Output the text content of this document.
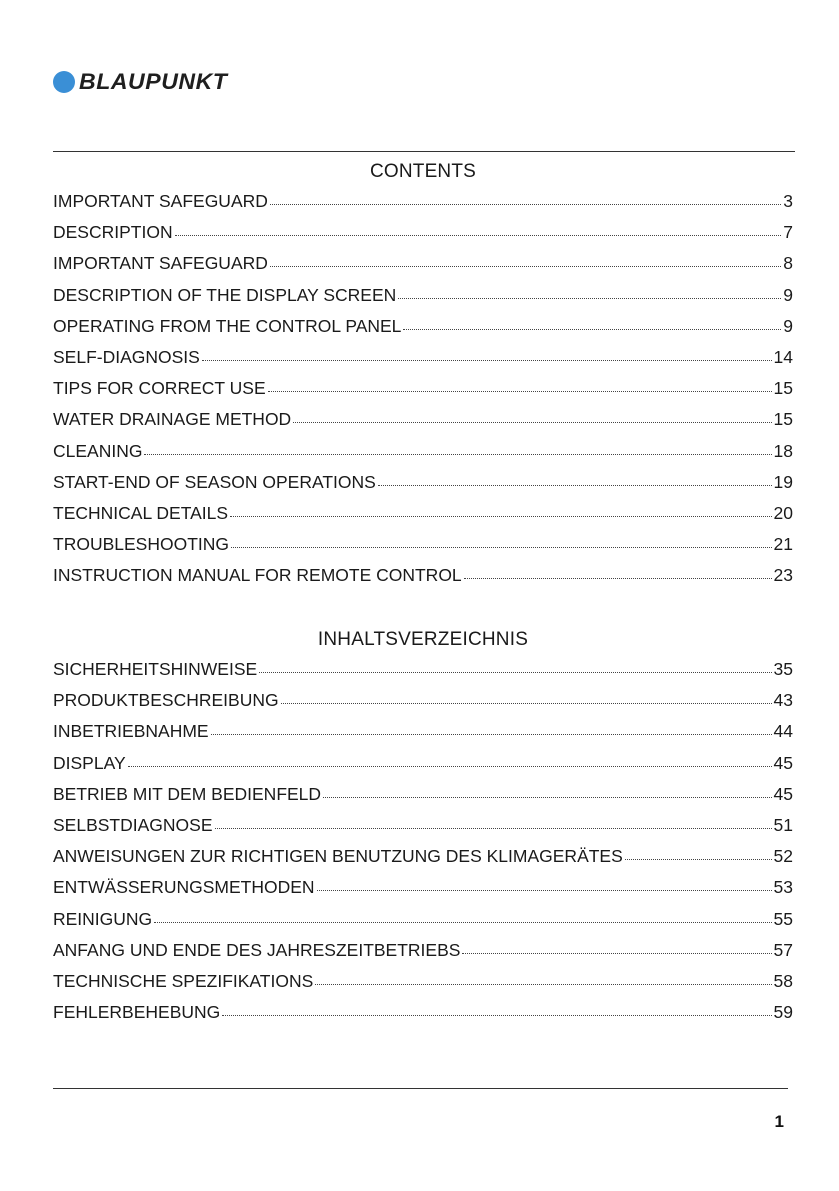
BLAUPUNKT
CONTENTS
IMPORTANT SAFEGUARD	3
DESCRIPTION	7
IMPORTANT SAFEGUARD	8
DESCRIPTION OF THE DISPLAY SCREEN	9
OPERATING FROM THE CONTROL PANEL	9
SELF-DIAGNOSIS	14
TIPS FOR CORRECT USE	15
WATER DRAINAGE METHOD	15
CLEANING	18
START-END OF SEASON OPERATIONS	19
TECHNICAL DETAILS	20
TROUBLESHOOTING	21
INSTRUCTION MANUAL FOR REMOTE CONTROL	23
INHALTSVERZEICHNIS
SICHERHEITSHINWEISE	35
PRODUKTBESCHREIBUNG	43
INBETRIEBNAHME	44
DISPLAY	45
BETRIEB MIT DEM BEDIENFELD	45
SELBSTDIAGNOSE	51
ANWEISUNGEN ZUR RICHTIGEN BENUTZUNG DES KLIMAGERÄTES	52
ENTWÄSSERUNGSMETHODEN	53
REINIGUNG	55
ANFANG UND ENDE DES JAHRESZEITBETRIEBS	57
TECHNISCHE SPEZIFIKATIONS	58
FEHLERBEHEBUNG	59
1
